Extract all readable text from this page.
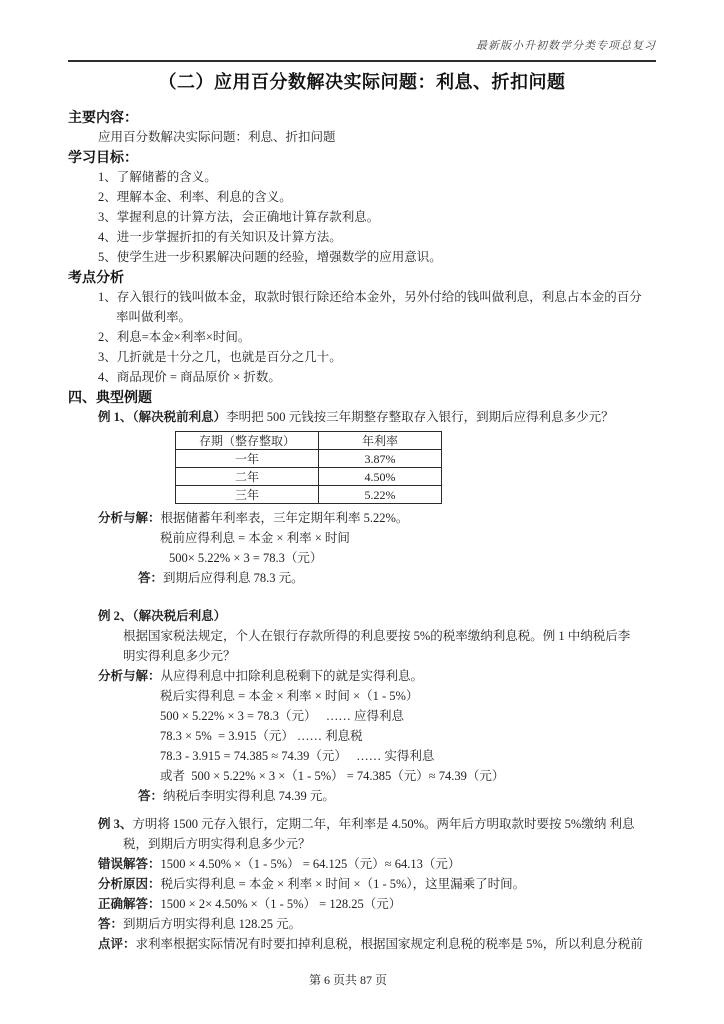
最新版小升初数学分类专项总复习
（二）应用百分数解决实际问题：利息、折扣问题
主要内容：
应用百分数解决实际问题：利息、折扣问题
学习目标：
1、了解储蓄的含义。
2、理解本金、利率、利息的含义。
3、掌握利息的计算方法，会正确地计算存款利息。
4、进一步掌握折扣的有关知识及计算方法。
5、使学生进一步积累解决问题的经验，增强数学的应用意识。
考点分析
1、存入银行的钱叫做本金，取款时银行除还给本金外，另外付给的钱叫做利息，利息占本金的百分
率叫做利率。
2、利息=本金×利率×时间。
3、几折就是十分之几，也就是百分之几十。
4、商品现价 = 商品原价 × 折数。
四、典型例题
例 1、（解决税前利息）李明把 500 元钱按三年期整存整取存入银行，到期后应得利息多少元？
存期（整存整取）	年利率
一年	3.87%
二年	4.50%
三年	5.22%
分析与解：根据储蓄年利率表，三年定期年利率 5.22%。
税前应得利息 = 本金 × 利率 × 时间
500× 5.22% × 3 = 78.3（元）
答：到期后应得利息 78.3 元。
例 2、（解决税后利息）
根据国家税法规定，个人在银行存款所得的利息要按 5%的税率缴纳利息税。例 1 中纳税后李
明实得利息多少元？
分析与解：从应得利息中扣除利息税剩下的就是实得利息。
税后实得利息 = 本金 × 利率 × 时间 ×（1 - 5%）
500 × 5.22% × 3 = 78.3（元）　 …… 应得利息
78.3 × 5%  = 3.915（元） …… 利息税
78.3 - 3.915 = 74.385 ≈ 74.39（元）　 …… 实得利息
或者  500 × 5.22% × 3 ×（1 - 5%） = 74.385（元）≈ 74.39（元）
答：纳税后李明实得利息 74.39 元。
例 3、方明将 1500 元存入银行，定期二年，年利率是 4.50%。两年后方明取款时要按 5%缴纳 利息
税，到期后方明实得利息多少元？
错误解答：1500 × 4.50% ×（1 - 5%） = 64.125（元）≈ 64.13（元）
分析原因：税后实得利息 = 本金 × 利率 × 时间 ×（1 - 5%），这里漏乘了时间。
正确解答：1500 × 2× 4.50% ×（1 - 5%） = 128.25（元）
答：到期后方明实得利息 128.25 元。
点评：求利率根据实际情况有时要扣掉利息税，根据国家规定利息税的税率是 5%，所以利息分税前
第 6 页共 87 页
